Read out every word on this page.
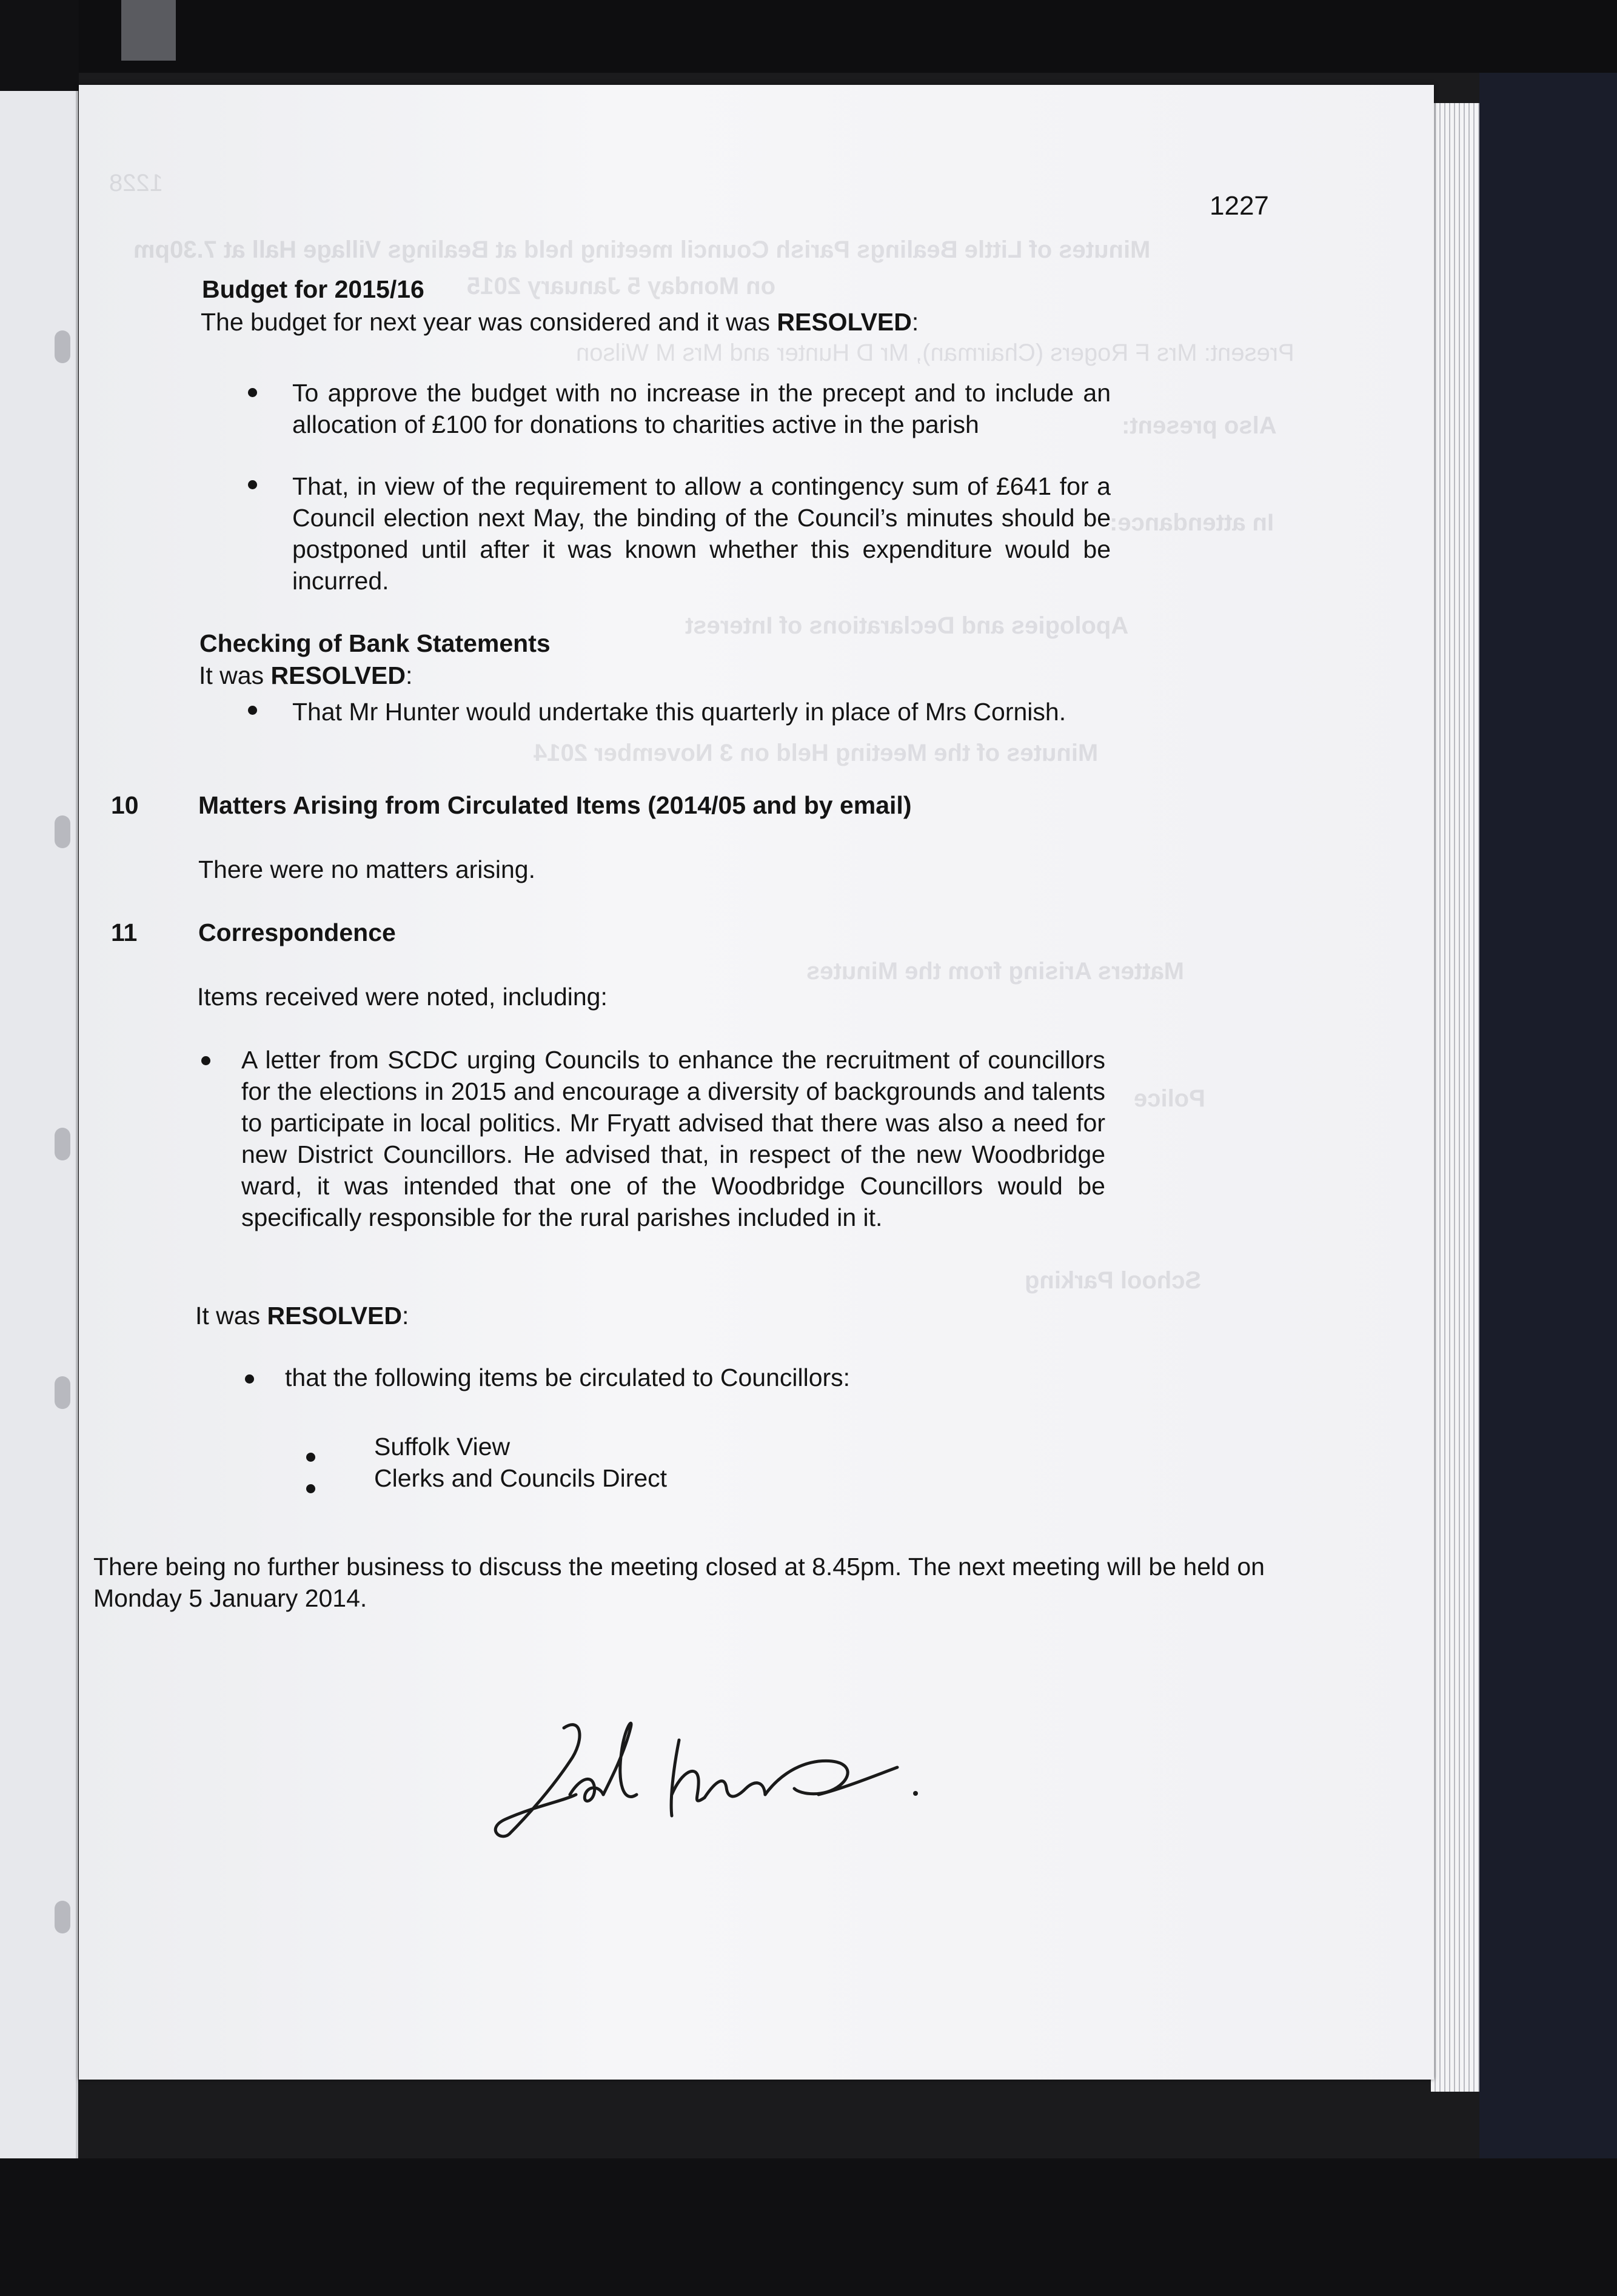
1228
Minutes of Little Bealings Parish Council meeting held at Bealings Village Hall at 7.30pm
on Monday 5 January 2015
Present: Mrs F Rogers (Chairman), Mr D Hunter and Mrs M Wilson
Also present:
In attendance:
Apologies and Declarations of Interest
Minutes of the Meeting Held on 3 November 2014
Matters Arising from the Minutes
Police
School Parking
1227
Budget for 2015/16
The budget for next year was considered and it was RESOLVED:
To approve the budget with no increase in the precept and to include an allocation of £100 for donations to charities active in the parish
That, in view of the requirement to allow a contingency sum of £641 for a Council election next May, the binding of the Council’s minutes should be postponed until after it was known whether this expenditure would be incurred.
Checking of Bank Statements
It was RESOLVED:
That Mr Hunter would undertake this quarterly in place of Mrs Cornish.
10 Matters Arising from Circulated Items (2014/05 and by email)
There were no matters arising.
11 Correspondence
Items received were noted, including:
A letter from SCDC urging Councils to enhance the recruitment of councillors for the elections in 2015 and encourage a diversity of backgrounds and talents to participate in local politics. Mr Fryatt advised that there was also a need for new District Councillors. He advised that, in respect of the new Woodbridge ward, it was intended that one of the Woodbridge Councillors would be specifically responsible for the rural parishes included in it.
It was RESOLVED:
that the following items be circulated to Councillors:
Suffolk View
Clerks and Councils Direct
There being no further business to discuss the meeting closed at 8.45pm. The next meeting will be held on Monday 5 January 2014.
